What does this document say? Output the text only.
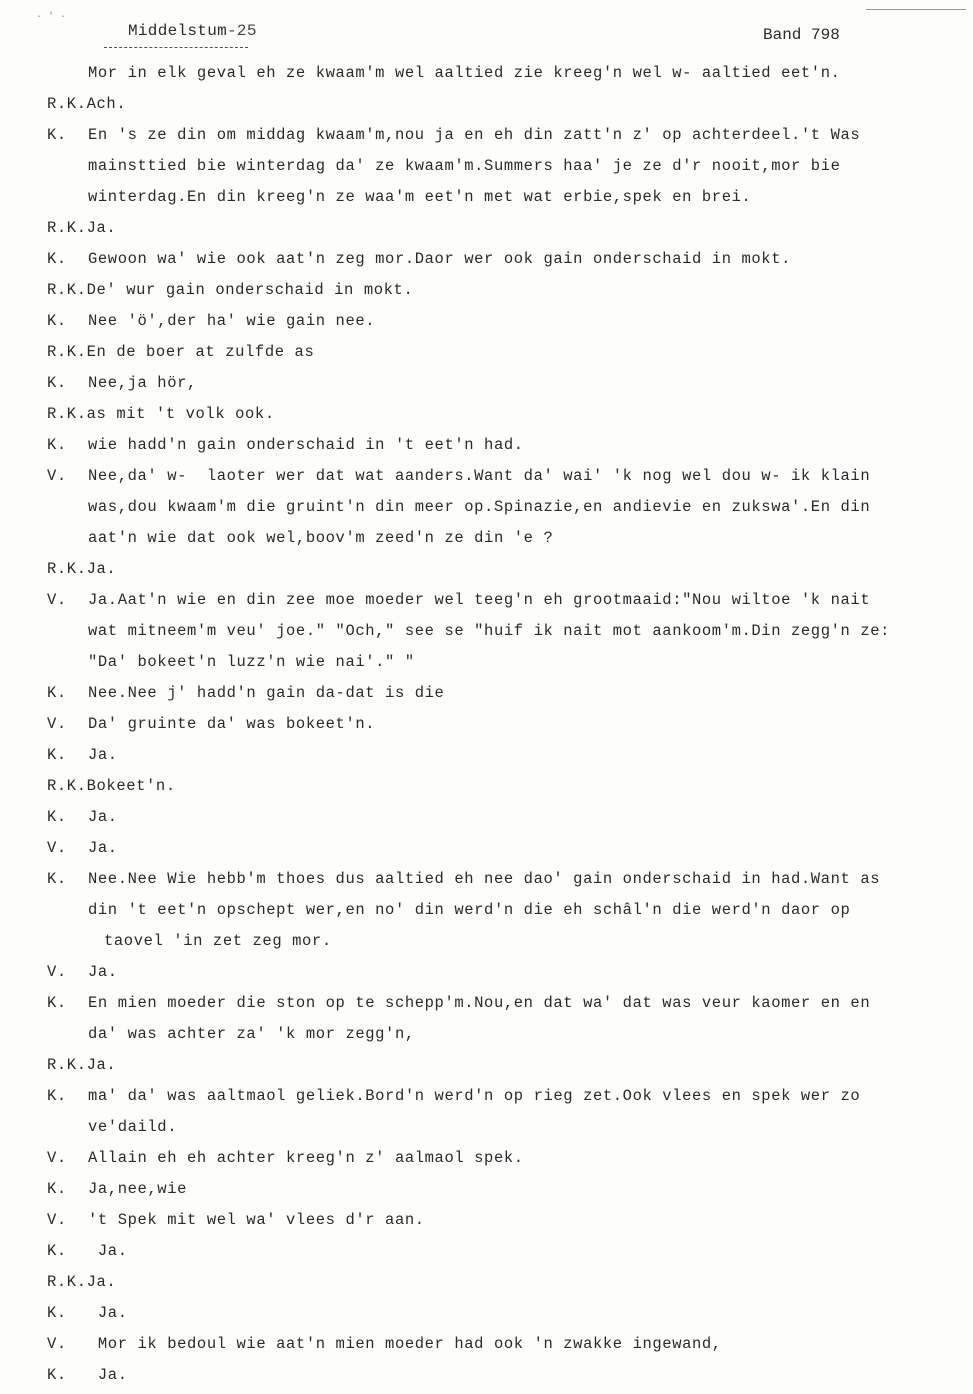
· ' ·
Middelstum-25	Band 798
Mor in elk geval eh ze kwaam'm wel aaltied zie kreeg'n wel w- aaltied eet'n.
R.K.Ach.
K. En 's ze din om middag kwaam'm,nou ja en eh din zatt'n z' op achterdeel.'t Was
mainsttied bie winterdag da' ze kwaam'm.Summers haa' je ze d'r nooit,mor bie
winterdag.En din kreeg'n ze waa'm eet'n met wat erbie,spek en brei.
R.K.Ja.
K. Gewoon wa' wie ook aat'n zeg mor.Daor wer ook gain onderschaid in mokt.
R.K.De' wur gain onderschaid in mokt.
K. Nee 'ö',der ha' wie gain nee.
R.K.En de boer at zulfde as
K. Nee,ja hör,
R.K.as mit 't volk ook.
K. wie hadd'n gain onderschaid in 't eet'n had.
V. Nee,da' w-  laoter wer dat wat aanders.Want da' wai' 'k nog wel dou w- ik klain
was,dou kwaam'm die gruint'n din meer op.Spinazie,en andievie en zukswa'.En din
aat'n wie dat ook wel,boov'm zeed'n ze din 'e ?
R.K.Ja.
V. Ja.Aat'n wie en din zee moe moeder wel teeg'n eh grootmaaid:"Nou wiltoe 'k nait
wat mitneem'm veu' joe." "Och," see se "huif ik nait mot aankoom'm.Din zegg'n ze:
"Da' bokeet'n luzz'n wie nai'." "
K. Nee.Nee j' hadd'n gain da-dat is die
V. Da' gruinte da' was bokeet'n.
K. Ja.
R.K.Bokeet'n.
K. Ja.
V. Ja.
K. Nee.Nee Wie hebb'm thoes dus aaltied eh nee dao' gain onderschaid in had.Want as
din 't eet'n opschept wer,en no' din werd'n die eh schâl'n die werd'n daor op
taovel 'in zet zeg mor.
V. Ja.
K. En mien moeder die ston op te schepp'm.Nou,en dat wa' dat was veur kaomer en en
da' was achter za' 'k mor zegg'n,
R.K.Ja.
K. ma' da' was aaltmaol geliek.Bord'n werd'n op rieg zet.Ook vlees en spek wer zo
ve'daild.
V. Allain eh eh achter kreeg'n z' aalmaol spek.
K. Ja,nee,wie
V. 't Spek mit wel wa' vlees d'r aan.
K. Ja.
R.K.Ja.
K. Ja.
V. Mor ik bedoul wie aat'n mien moeder had ook 'n zwakke ingewand,
K. Ja.
